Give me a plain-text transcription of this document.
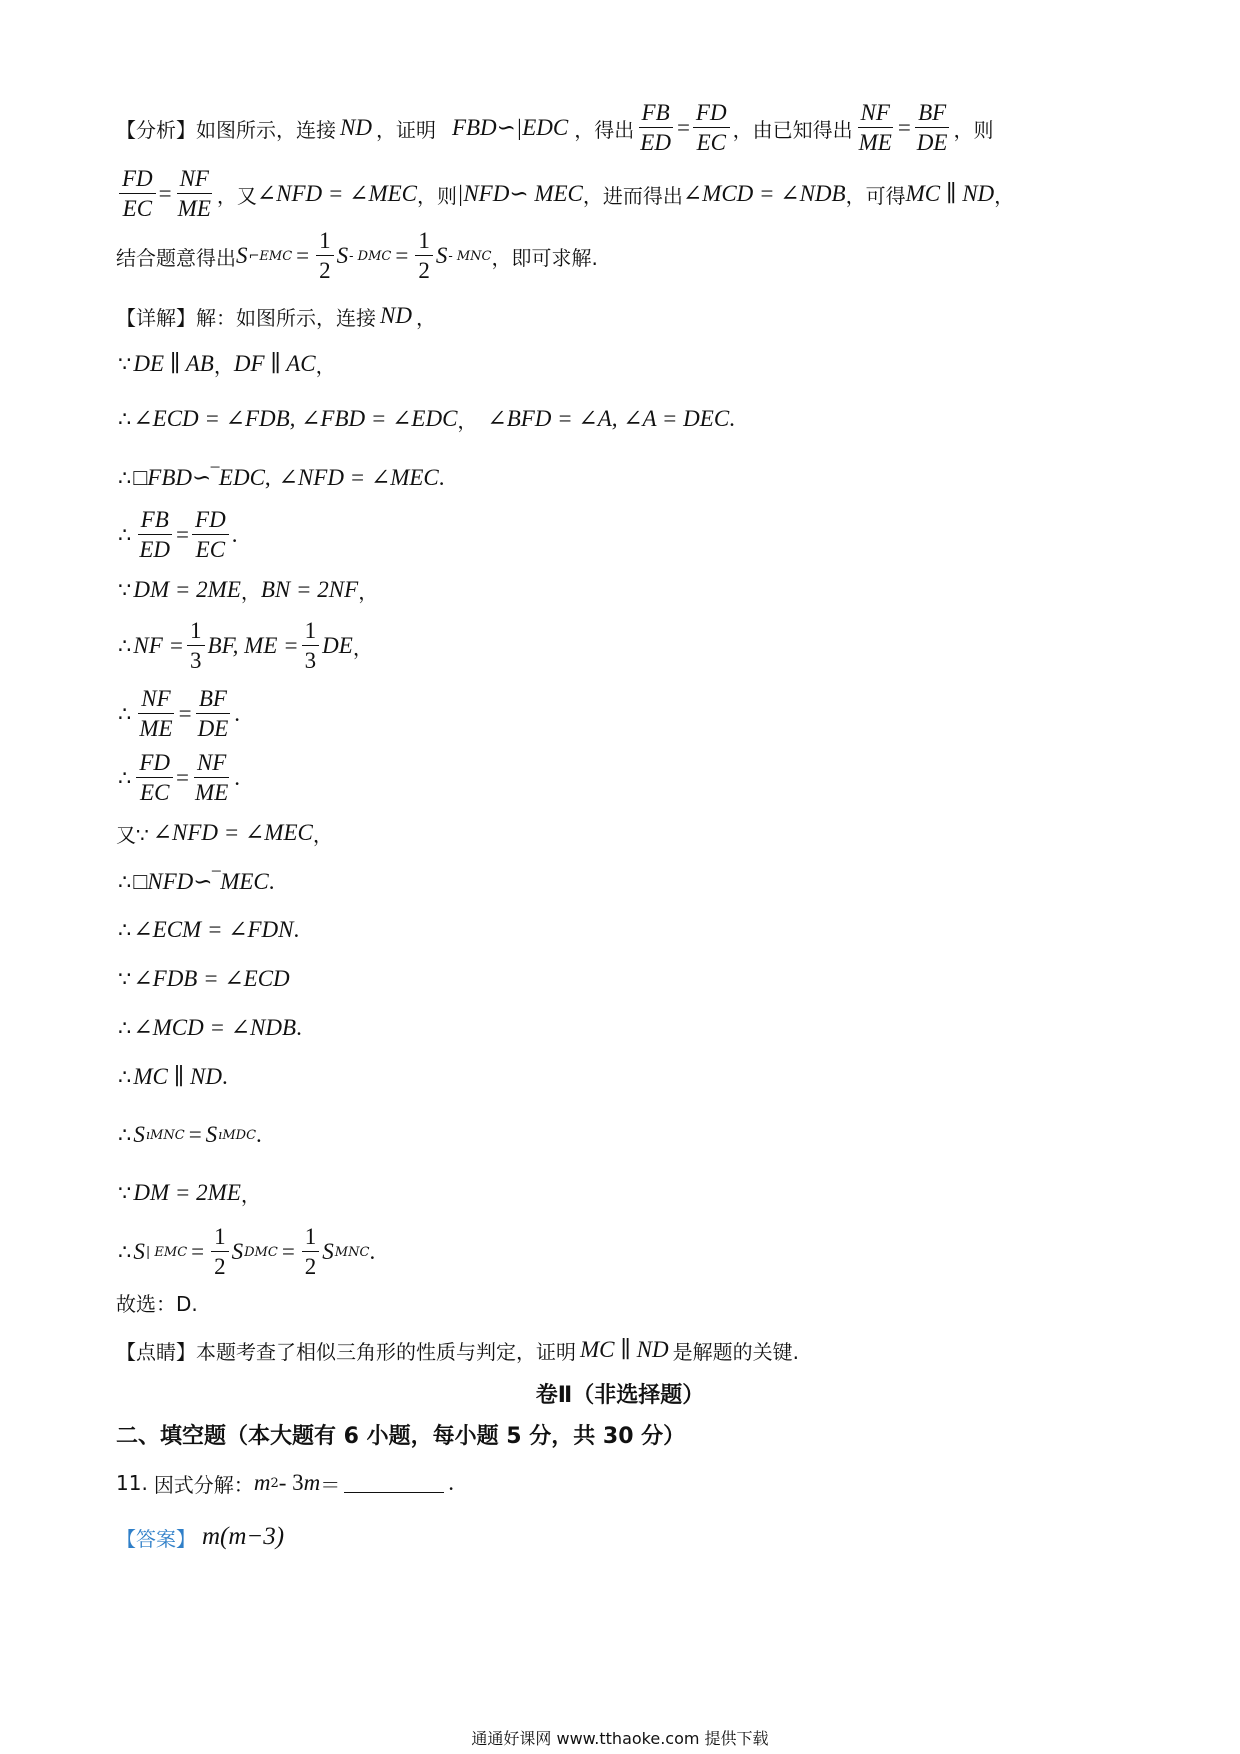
【分析】 如图所示，连接 ND ，证明 FBD∽|EDC ，得出 $\frac{FB}{ED} = \frac{FD}{EC}$ ，由已知得出 $\frac{NF}{ME} = \frac{BF}{DE}$ ，则
$\frac{FD}{EC} = \frac{NF}{ME}$ ，又 ∠NFD = ∠MEC ，则 |NFD∽ MEC ，进而得出 ∠MCD = ∠NDB ，可得 MC ∥ ND ，
结合题意得出 S ⌐EMC = $\frac{1}{2}$ S - DMC = $\frac{1}{2}$ S - MNC ，即可求解.
【详解】 解：如图所示，连接 ND ，
∵ DE ∥ AB ， DF ∥ AC ，
∴ ∠ECD = ∠FDB, ∠FBD = ∠EDC ， ∠BFD = ∠A, ∠A = DEC .
∴ □FBD∽‾EDC , ∠NFD = ∠MEC .
∴ $\frac{FB}{ED} = \frac{FD}{EC}$ .
∵ DM = 2ME ， BN = 2NF ，
∴ NF = $\frac{1}{3}$ BF, ME = $\frac{1}{3}$ DE ，
∴ $\frac{NF}{ME} = \frac{BF}{DE}$ .
∴ $\frac{FD}{EC} = \frac{NF}{ME}$ .
又∵ ∠NFD = ∠MEC ，
∴ □NFD∽‾MEC .
∴ ∠ECM = ∠FDN .
∵ ∠FDB = ∠ECD
∴ ∠MCD = ∠NDB .
∴ MC ∥ ND .
∴ S ıMNC = S ıMDC .
∵ DM = 2ME ，
∴ S | EMC = $\frac{1}{2}$ S DMC = $\frac{1}{2}$ S MNC .
故选：D.
【点睛】 本题考查了相似三角形的性质与判定，证明 MC ∥ ND 是解题的关键.
卷Ⅱ（非选择题）
二、填空题（本大题有 6 小题，每小题 5 分，共 30 分）
11. 因式分解： m 2 - 3 m ＝	.
【答案】 m(m−3)
通通好课网 www.tthaoke.com 提供下载
